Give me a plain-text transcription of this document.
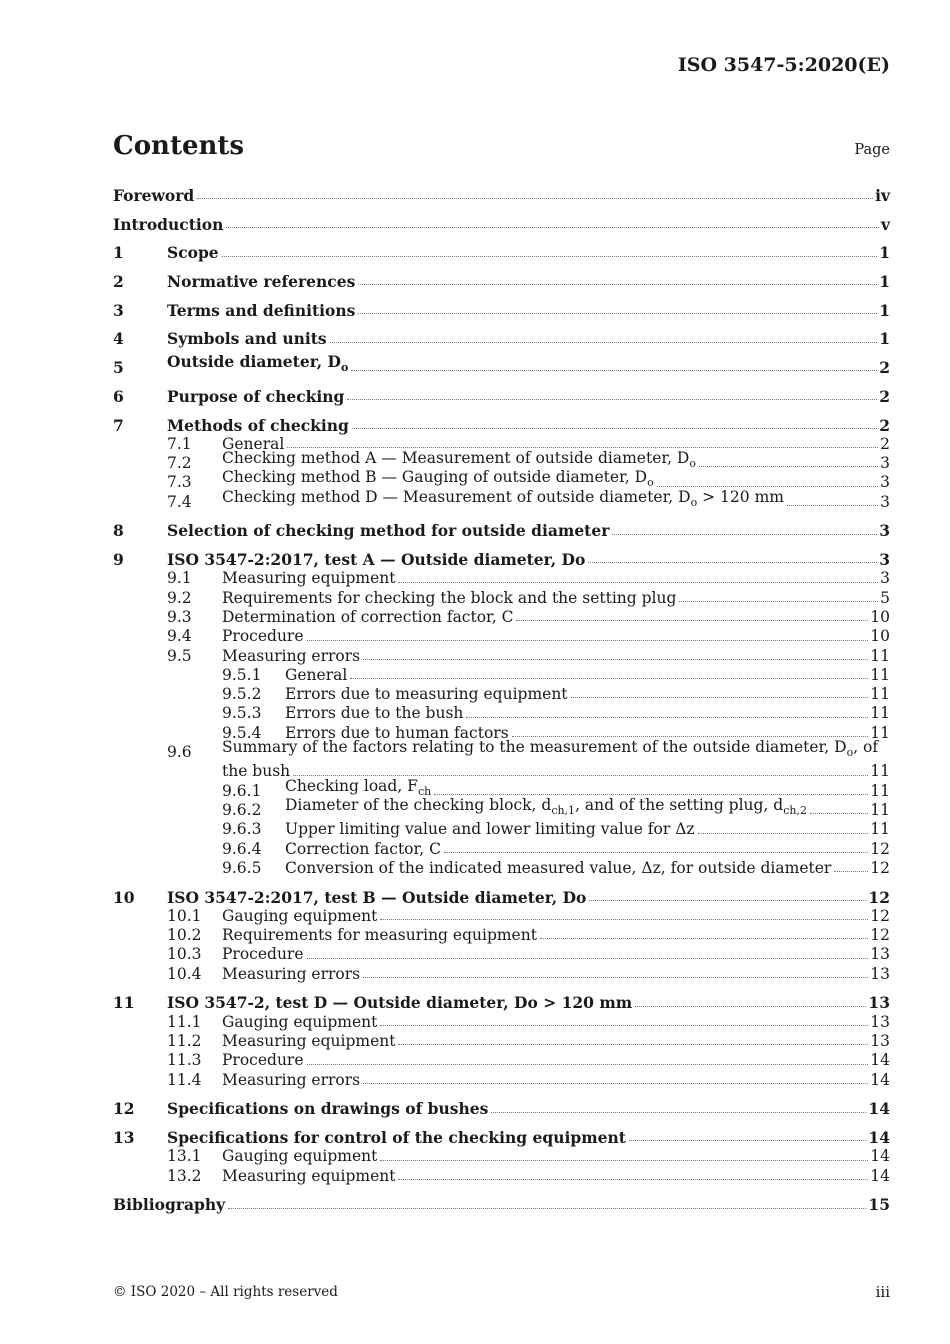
ISO 3547-5:2020(E)
Contents	Page
Foreword	iv
Introduction	v
1	Scope	1
2	Normative references	1
3	Terms and definitions	1
4	Symbols and units	1
5	Outside diameter, $D_o$	2
6	Purpose of checking	2
7	Methods of checking	2
7.1	General	2
7.2	Checking method A — Measurement of outside diameter, $D_o$	3
7.3	Checking method B — Gauging of outside diameter, $D_o$	3
7.4	Checking method D — Measurement of outside diameter, $D_o > 120$ mm	3
8	Selection of checking method for outside diameter	3
9	ISO 3547-2:2017, test A — Outside diameter, Do	3
9.1	Measuring equipment	3
9.2	Requirements for checking the block and the setting plug	5
9.3	Determination of correction factor, C	10
9.4	Procedure	10
9.5	Measuring errors	11
9.5.1	General	11
9.5.2	Errors due to measuring equipment	11
9.5.3	Errors due to the bush	11
9.5.4	Errors due to human factors	11
9.6	Summary of the factors relating to the measurement of the outside diameter, $D_o$, of
the bush	11
9.6.1	Checking load, $F_{ch}$	11
9.6.2	Diameter of the checking block, $d_{ch,1}$, and of the setting plug, $d_{ch,2}$	11
9.6.3	Upper limiting value and lower limiting value for Δz	11
9.6.4	Correction factor, C	12
9.6.5	Conversion of the indicated measured value, Δz, for outside diameter	12
10	ISO 3547-2:2017, test B — Outside diameter, Do	12
10.1	Gauging equipment	12
10.2	Requirements for measuring equipment	12
10.3	Procedure	13
10.4	Measuring errors	13
11	ISO 3547-2, test D — Outside diameter, Do > 120 mm	13
11.1	Gauging equipment	13
11.2	Measuring equipment	13
11.3	Procedure	14
11.4	Measuring errors	14
12	Specifications on drawings of bushes	14
13	Specifications for control of the checking equipment	14
13.1	Gauging equipment	14
13.2	Measuring equipment	14
Bibliography	15
© ISO 2020 – All rights reserved	iii
